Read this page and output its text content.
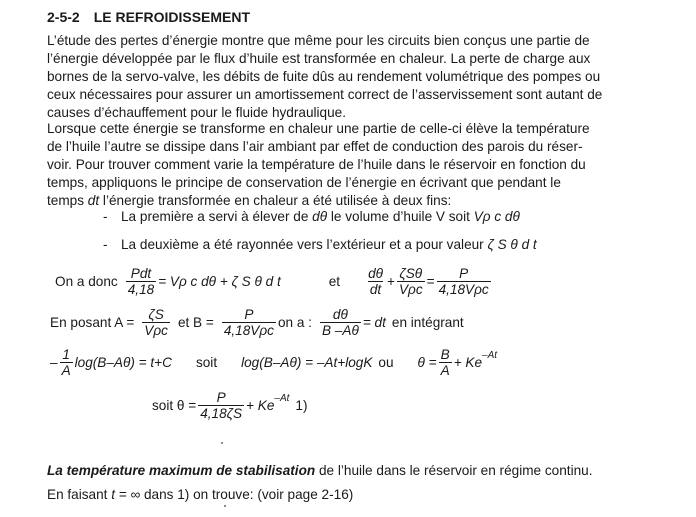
2-5-2 LE REFROIDISSEMENT
L’étude des pertes d’énergie montre que même pour les circuits bien conçus une partie de
l’énergie développée par le flux d’huile est transformée en chaleur. La perte de charge aux
bornes de la servo-valve, les débits de fuite dûs au rendement volumétrique des pompes ou
ceux nécessaires pour assurer un amortissement correct de l’asservissement sont autant de
causes d’échauffement pour le fluide hydraulique.
Lorsque cette énergie se transforme en chaleur une partie de celle-ci élève la température
de l’huile l’autre se dissipe dans l’air ambiant par effet de conduction des parois du réser-
voir. Pour trouver comment varie la température de l’huile dans le réservoir en fonction du
temps, appliquons le principe de conservation de l’énergie en écrivant que pendant le
temps dt l’énergie transformée en chaleur a été utilisée à deux fins:
- La première a servi à élever de dθ le volume d’huile V soit Vρ c dθ
- La deuxième a été rayonnée vers l’extérieur et a pour valeur ζ S θ d t
On a donc $\frac{\text{Pdt}}{4,18} = V\rho$ c dθ + ζ S θ d t	et $\frac{d\theta}{dt} + \frac{\text{ζSθ}}{\text{Vρc}} = \frac{P}{\text{4,18Vρc}}$
En posant $A = \frac{\zeta S}{\text{Vρc}}$ et $B = \frac{P}{\text{4,18Vρc}}$ on a : $\frac{d\theta}{B -A\theta}$ = dt en intégrant
– $\frac{1}{A} \log(B-A\theta) = t+C$ soit log(B–Aθ) = –At+logK ou $\theta = \frac{B}{A} + Ke$ –At
soit $\theta = \frac{P}{4,18\zeta S} + Ke$ –At 1)
La température maximum de stabilisation de l’huile dans le réservoir en régime continu.
En faisant t = ∞ dans 1) on trouve: (voir page 2-16)
